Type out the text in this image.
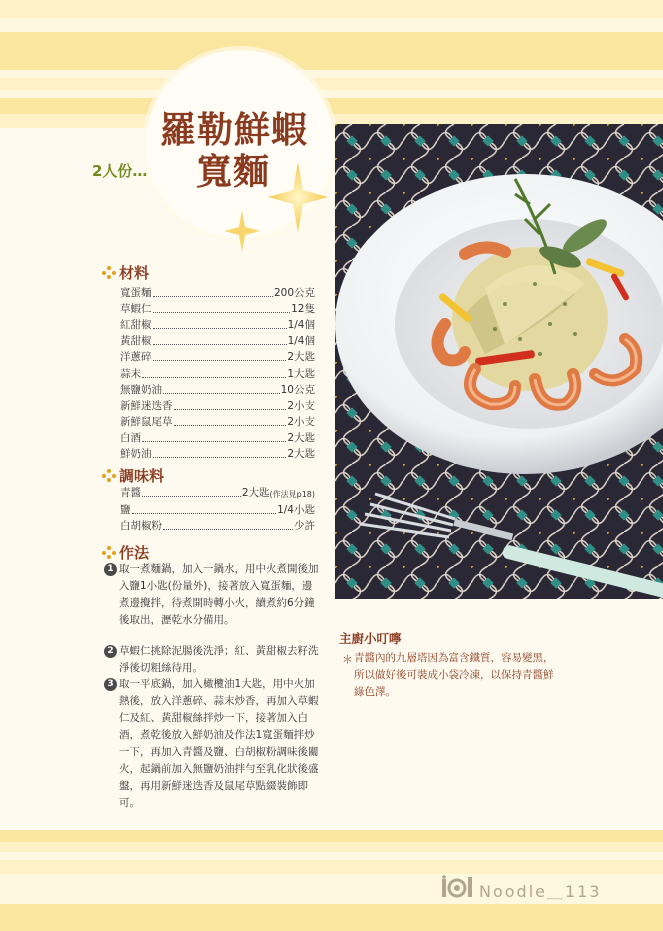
羅勒鮮蝦
寬麵
2人份…
材料
寬蛋麵	200公克
草蝦仁	12隻
紅甜椒	1/4個
黃甜椒	1/4個
洋蔥碎	2大匙
蒜末	1大匙
無鹽奶油	10公克
新鮮迷迭香	2小支
新鮮鼠尾草	2小支
白酒	2大匙
鮮奶油	2大匙
調味料
青醬	2大匙 (作法見p18)
鹽	1/4小匙
白胡椒粉	少許
作法
1 取一煮麵鍋，加入一鍋水，用中火煮開後加入鹽1小匙(份量外)，接著放入寬蛋麵，邊煮邊攪拌，待煮開時轉小火，續煮約6分鐘後取出，瀝乾水分備用。
2 草蝦仁挑除泥腸後洗淨；紅、黃甜椒去籽洗淨後切粗絲待用。
3 取一平底鍋，加入橄欖油1大匙，用中火加熱後，放入洋蔥碎、蒜末炒香，再加入草蝦仁及紅、黃甜椒絲拌炒一下，接著加入白酒，煮乾後放入鮮奶油及作法1寬蛋麵拌炒一下，再加入青醬及鹽、白胡椒粉調味後關火，起鍋前加入無鹽奶油拌勻至乳化狀後盛盤，再用新鮮迷迭香及鼠尾草點綴裝飾即可。
主廚小叮嚀
＊ 青醬內的九層塔因為富含鐵質，容易變黑，所以做好後可裝成小袋冷凍，以保持青醬鮮綠色澤。
Noodle＿113
